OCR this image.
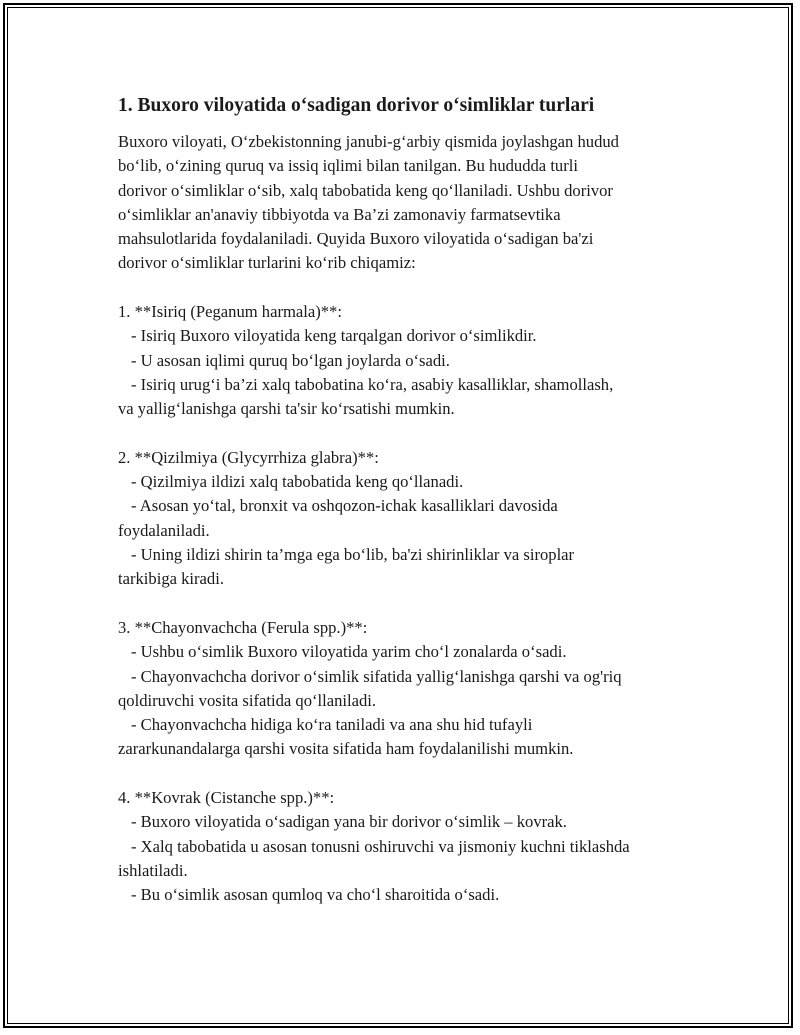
1. Buxoro viloyatida o‘sadigan dorivor o‘simliklar turlari

Buxoro viloyati, O‘zbekistonning janubi-g‘arbiy qismida joylashgan hudud

bo‘lib, o‘zining quruq va issiq iqlimi bilan tanilgan. Bu hududda turli

dorivor o‘simliklar o‘sib, xalq tabobatida keng qo‘llaniladi. Ushbu dorivor

o‘simliklar an'anaviy tibbiyotda va Ba’zi zamonaviy farmatsevtika

mahsulotlarida foydalaniladi. Quyida Buxoro viloyatida o‘sadigan ba'zi

dorivor o‘simliklar turlarini ko‘rib chiqamiz:

1. **Isiriq (Peganum harmala)**:

- Isiriq Buxoro viloyatida keng tarqalgan dorivor o‘simlikdir.

- U asosan iqlimi quruq bo‘lgan joylarda o‘sadi.

- Isiriq urug‘i ba’zi xalq tabobatina ko‘ra, asabiy kasalliklar, shamollash,

va yallig‘lanishga qarshi ta'sir ko‘rsatishi mumkin.

2. **Qizilmiya (Glycyrrhiza glabra)**:

- Qizilmiya ildizi xalq tabobatida keng qo‘llanadi.

- Asosan yo‘tal, bronxit va oshqozon-ichak kasalliklari davosida

foydalaniladi.

- Uning ildizi shirin ta’mga ega bo‘lib, ba'zi shirinliklar va siroplar

tarkibiga kiradi.

3. **Chayonvachcha (Ferula spp.)**:

- Ushbu o‘simlik Buxoro viloyatida yarim cho‘l zonalarda o‘sadi.

- Chayonvachcha dorivor o‘simlik sifatida yallig‘lanishga qarshi va og'riq

qoldiruvchi vosita sifatida qo‘llaniladi.

- Chayonvachcha hidiga ko‘ra taniladi va ana shu hid tufayli

zararkunandalarga qarshi vosita sifatida ham foydalanilishi mumkin.

4. **Kovrak (Cistanche spp.)**:

- Buxoro viloyatida o‘sadigan yana bir dorivor o‘simlik – kovrak.

- Xalq tabobatida u asosan tonusni oshiruvchi va jismoniy kuchni tiklashda

ishlatiladi.

- Bu o‘simlik asosan qumloq va cho‘l sharoitida o‘sadi.
